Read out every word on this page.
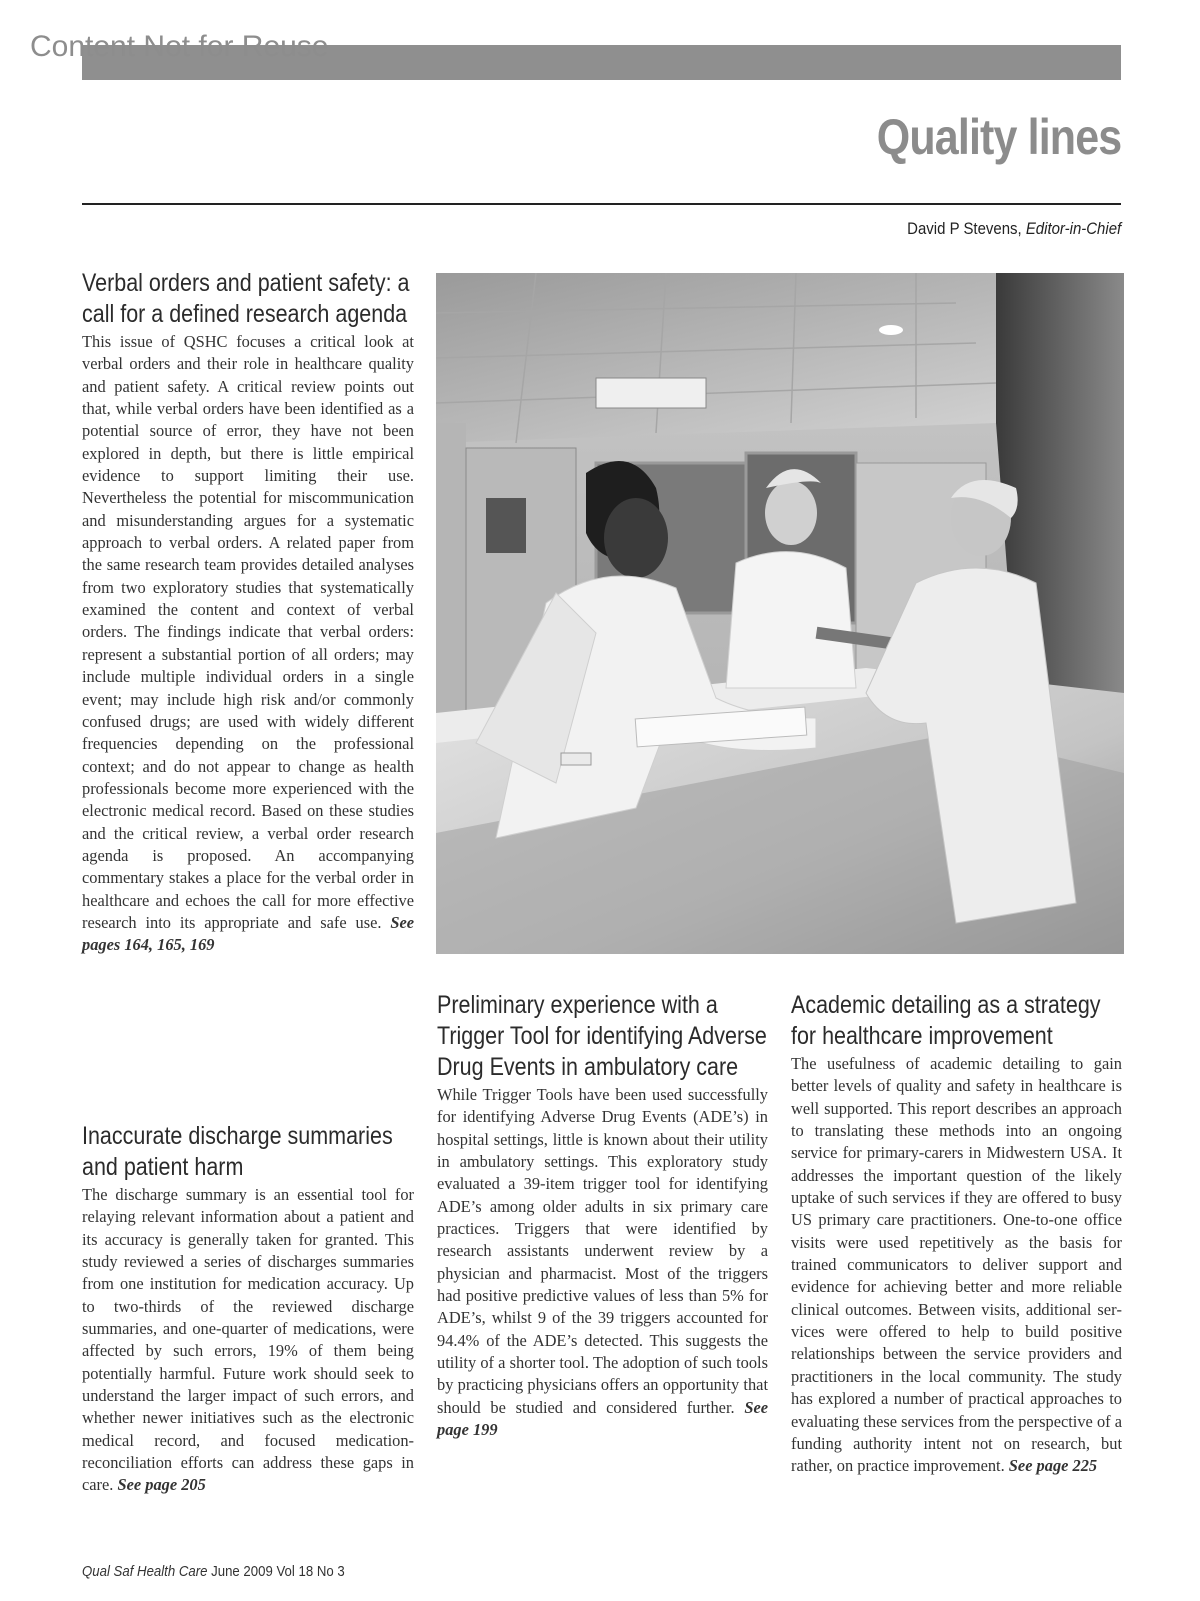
Content Not for Reuse
Quality lines
David P Stevens, Editor-in-Chief
Verbal orders and patient safety: a call for a defined research agenda

This issue of QSHC focuses a critical look at verbal orders and their role in healthcare quality and patient safety. A critical review points out that, while verbal orders have been identified as a potential source of error, they have not been explored in depth, but there is little empirical evidence to support limiting their use. Nevertheless the potential for miscommunication and misunderstanding argues for a systematic approach to verbal orders. A related paper from the same research team provides detailed analyses from two exploratory studies that systematically examined the content and context of verbal orders. The findings indicate that verbal orders: represent a substantial portion of all orders; may include multiple individual orders in a single event; may include high risk and/or commonly confused drugs; are used with widely different frequencies depending on the professional context; and do not appear to change as health professionals become more experienced with the electronic medical record. Based on these studies and the critical review, a verbal order research agenda is proposed. An accompanying commentary stakes a place for the verbal order in healthcare and echoes the call for more effective research into its appropriate and safe use. See pages 164, 165, 169

Inaccurate discharge summaries and patient harm

The discharge summary is an essential tool for relaying relevant information about a patient and its accuracy is generally taken for granted. This study reviewed a series of discharges summaries from one institution for medication accuracy. Up to two-thirds of the reviewed discharge summaries, and one-quarter of medications, were affected by such errors, 19% of them being potentially harmful. Future work should seek to understand the larger impact of such errors, and whether newer initiatives such as the electronic medical record, and focused medication-reconciliation efforts can address these gaps in care. See page 205

Preliminary experience with a Trigger Tool for identifying Adverse Drug Events in ambulatory care

While Trigger Tools have been used successfully for identifying Adverse Drug Events (ADE’s) in hospital settings, little is known about their utility in ambulatory settings. This exploratory study evaluated a 39-item trigger tool for identifying ADE’s among older adults in six primary care practices. Triggers that were identified by research assistants underwent review by a physician and pharmacist. Most of the triggers had positive predictive values of less than 5% for ADE’s, whilst 9 of the 39 triggers accounted for 94.4% of the ADE’s detected. This suggests the utility of a shorter tool. The adoption of such tools by practicing physicians offers an opportunity that should be studied and considered further. See page 199

Academic detailing as a strategy for healthcare improvement

The usefulness of academic detailing to gain better levels of quality and safety in healthcare is well supported. This report describes an approach to translating these methods into an ongoing service for primary-carers in Midwestern USA. It addresses the important question of the likely uptake of such services if they are offered to busy US primary care practitioners. One-to-one office visits were used repetitively as the basis for trained communicators to deliver support and evidence for achieving better and more reliable clinical outcomes. Between visits, additional services were offered to help to build positive relationships between the service providers and practitioners in the local community. The study has explored a number of practical approaches to evaluating these services from the perspective of a funding authority intent not on research, but rather, on practice improvement. See page 225

Qual Saf Health Care June 2009 Vol 18 No 3
